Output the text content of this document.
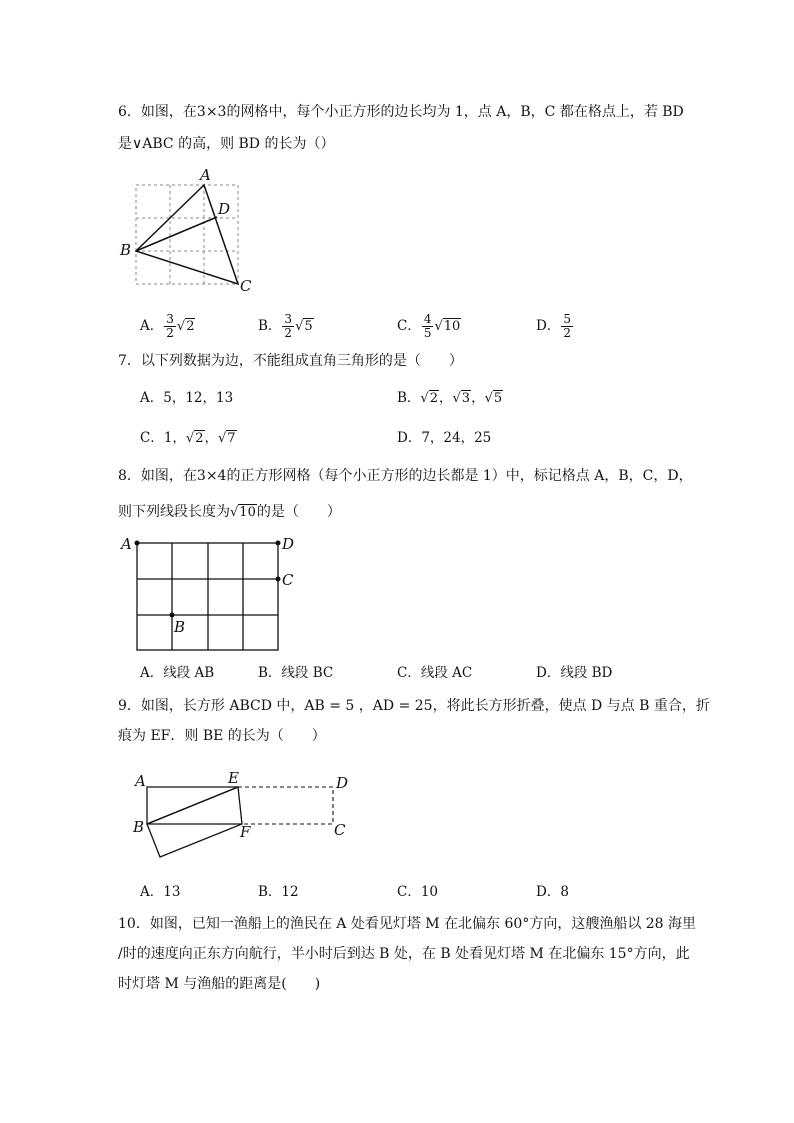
6．如图，在3×3的网格中，每个小正方形的边长均为 1，点 A，B，C 都在格点上，若 BD
是∨ABC 的高，则 BD 的长为（）
A
B
C
D
A． $\frac{3}{2} √2$	B． $\frac{3}{2} √5$	C． $\frac{4}{5} √10$	D． $\frac{5}{2}$
7．以下列数据为边，不能组成直角三角形的是（　　）
A．5，12，13	B．√2，√3，√5
C．1，√2，√7	D．7，24，25
8．如图，在3×4的正方形网格（每个小正方形的边长都是 1）中，标记格点 A，B，C，D，
则下列线段长度为√10的是（　　）
A	D
C
B
A．线段 AB	B．线段 BC	C．线段 AC	D．线段 BD
9．如图，长方形 ABCD 中，AB = 5 ，AD = 25，将此长方形折叠，使点 D 与点 B 重合，折
痕为 EF．则 BE 的长为（　　）
A	E	D
B	F	C
A．13	B．12	C．10	D．8
10．如图，已知一渔船上的渔民在 A 处看见灯塔 M 在北偏东 60°方向，这艘渔船以 28 海里
/时的速度向正东方向航行，半小时后到达 B 处，在 B 处看见灯塔 M 在北偏东 15°方向，此
时灯塔 M 与渔船的距离是(　　)
